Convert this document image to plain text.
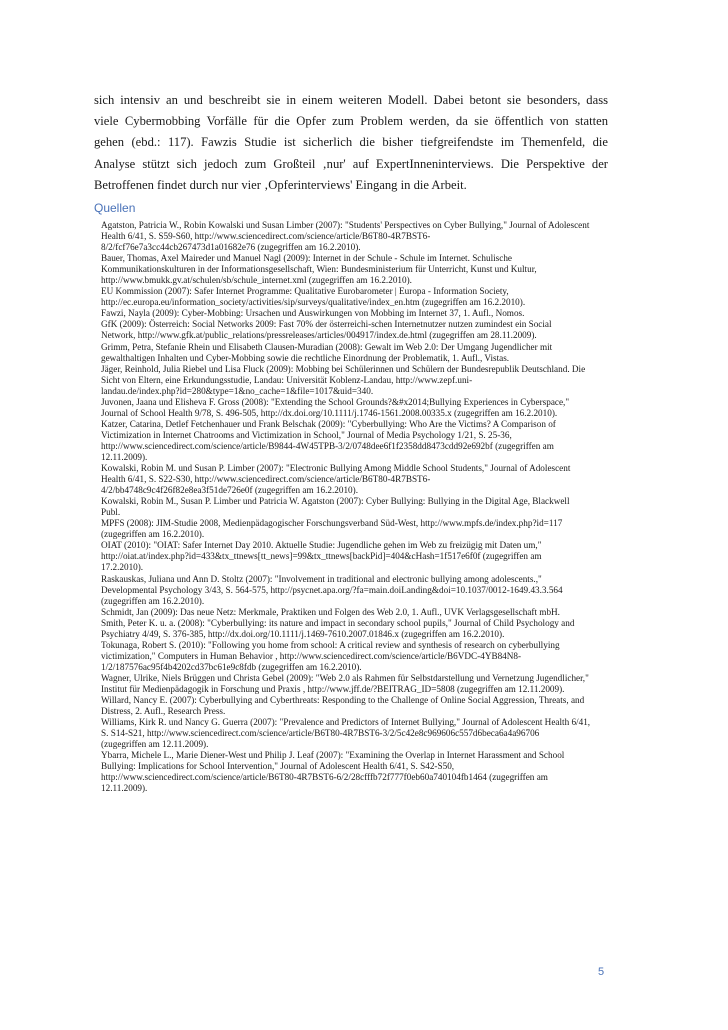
sich intensiv an und beschreibt sie in einem weiteren Modell. Dabei betont sie besonders, dass
viele Cybermobbing Vorfälle für die Opfer zum Problem werden, da sie öffentlich von statten
gehen (ebd.: 117). Fawzis Studie ist sicherlich die bisher tiefgreifendste im Themenfeld, die
Analyse stützt sich jedoch zum Großteil ‚nur' auf ExpertInneninterviews. Die Perspektive der
Betroffenen findet durch nur vier ‚Opferinterviews' Eingang in die Arbeit.
Quellen
Agatston, Patricia W., Robin Kowalski und Susan Limber (2007): "Students' Perspectives on Cyber Bullying," Journal of Adolescent
Health 6/41, S. S59-S60, http://www.sciencedirect.com/science/article/B6T80-4R7BST6-
8/2/fcf76e7a3cc44cb267473d1a01682e76 (zugegriffen am 16.2.2010).
Bauer, Thomas, Axel Maireder und Manuel Nagl (2009): Internet in der Schule - Schule im Internet. Schulische
Kommunikationskulturen in der Informationsgesellschaft, Wien: Bundesministerium für Unterricht, Kunst und Kultur,
http://www.bmukk.gv.at/schulen/sb/schule_internet.xml (zugegriffen am 16.2.2010).
EU Kommission (2007): Safer Internet Programme: Qualitative Eurobarometer | Europa - Information Society,
http://ec.europa.eu/information_society/activities/sip/surveys/qualitative/index_en.htm (zugegriffen am 16.2.2010).
Fawzi, Nayla (2009): Cyber-Mobbing: Ursachen und Auswirkungen von Mobbing im Internet 37, 1. Aufl., Nomos.
GfK (2009): Österreich: Social Networks 2009: Fast 70% der österreichi-schen Internetnutzer nutzen zumindest ein Social
Network, http://www.gfk.at/public_relations/pressreleases/articles/004917/index.de.html (zugegriffen am 28.11.2009).
Grimm, Petra, Stefanie Rhein und Elisabeth Clausen-Muradian (2008): Gewalt im Web 2.0: Der Umgang Jugendlicher mit
gewalthaltigen Inhalten und Cyber-Mobbing sowie die rechtliche Einordnung der Problematik, 1. Aufl., Vistas.
Jäger, Reinhold, Julia Riebel und Lisa Fluck (2009): Mobbing bei Schülerinnen und Schülern der Bundesrepublik Deutschland. Die
Sicht von Eltern, eine Erkundungsstudie, Landau: Universität Koblenz-Landau, http://www.zepf.uni-
landau.de/index.php?id=280&type=1&no_cache=1&file=1017&uid=340.
Juvonen, Jaana und Elisheva F. Gross (2008): "Extending the School Grounds?&#x2014;Bullying Experiences in Cyberspace,"
Journal of School Health 9/78, S. 496-505, http://dx.doi.org/10.1111/j.1746-1561.2008.00335.x (zugegriffen am 16.2.2010).
Katzer, Catarina, Detlef Fetchenhauer und Frank Belschak (2009): "Cyberbullying: Who Are the Victims? A Comparison of
Victimization in Internet Chatrooms and Victimization in School," Journal of Media Psychology 1/21, S. 25-36,
http://www.sciencedirect.com/science/article/B9844-4W45TPB-3/2/0748dee6f1f2358dd8473cdd92e692bf (zugegriffen am
12.11.2009).
Kowalski, Robin M. und Susan P. Limber (2007): "Electronic Bullying Among Middle School Students," Journal of Adolescent
Health 6/41, S. S22-S30, http://www.sciencedirect.com/science/article/B6T80-4R7BST6-
4/2/bb4748c9c4f26f82e8ea3f51de726e0f (zugegriffen am 16.2.2010).
Kowalski, Robin M., Susan P. Limber und Patricia W. Agatston (2007): Cyber Bullying: Bullying in the Digital Age, Blackwell
Publ.
MPFS (2008): JIM-Studie 2008, Medienpädagogischer Forschungsverband Süd-West, http://www.mpfs.de/index.php?id=117
(zugegriffen am 16.2.2010).
OIAT (2010): "OIAT: Safer Internet Day 2010. Aktuelle Studie: Jugendliche gehen im Web zu freizügig mit Daten um,"
http://oiat.at/index.php?id=433&tx_ttnews[tt_news]=99&tx_ttnews[backPid]=404&cHash=1f517e6f0f (zugegriffen am
17.2.2010).
Raskauskas, Juliana und Ann D. Stoltz (2007): "Involvement in traditional and electronic bullying among adolescents.,"
Developmental Psychology 3/43, S. 564-575, http://psycnet.apa.org/?fa=main.doiLanding&doi=10.1037/0012-1649.43.3.564
(zugegriffen am 16.2.2010).
Schmidt, Jan (2009): Das neue Netz: Merkmale, Praktiken und Folgen des Web 2.0, 1. Aufl., UVK Verlagsgesellschaft mbH.
Smith, Peter K. u. a. (2008): "Cyberbullying: its nature and impact in secondary school pupils," Journal of Child Psychology and
Psychiatry 4/49, S. 376-385, http://dx.doi.org/10.1111/j.1469-7610.2007.01846.x (zugegriffen am 16.2.2010).
Tokunaga, Robert S. (2010): "Following you home from school: A critical review and synthesis of research on cyberbullying
victimization," Computers in Human Behavior , http://www.sciencedirect.com/science/article/B6VDC-4YB84N8-
1/2/187576ac95f4b4202cd37bc61e9c8fdb (zugegriffen am 16.2.2010).
Wagner, Ulrike, Niels Brüggen und Christa Gebel (2009): "Web 2.0 als Rahmen für Selbstdarstellung und Vernetzung Jugendlicher,"
Institut für Medienpädagogik in Forschung und Praxis , http://www.jff.de/?BEITRAG_ID=5808 (zugegriffen am 12.11.2009).
Willard, Nancy E. (2007): Cyberbullying and Cyberthreats: Responding to the Challenge of Online Social Aggression, Threats, and
Distress, 2. Aufl., Research Press.
Williams, Kirk R. und Nancy G. Guerra (2007): "Prevalence and Predictors of Internet Bullying," Journal of Adolescent Health 6/41,
S. S14-S21, http://www.sciencedirect.com/science/article/B6T80-4R7BST6-3/2/5c42e8c969606c557d6beca6a4a96706
(zugegriffen am 12.11.2009).
Ybarra, Michele L., Marie Diener-West und Philip J. Leaf (2007): "Examining the Overlap in Internet Harassment and School
Bullying: Implications for School Intervention," Journal of Adolescent Health 6/41, S. S42-S50,
http://www.sciencedirect.com/science/article/B6T80-4R7BST6-6/2/28cfffb72f777f0eb60a740104fb1464 (zugegriffen am
12.11.2009).
5
